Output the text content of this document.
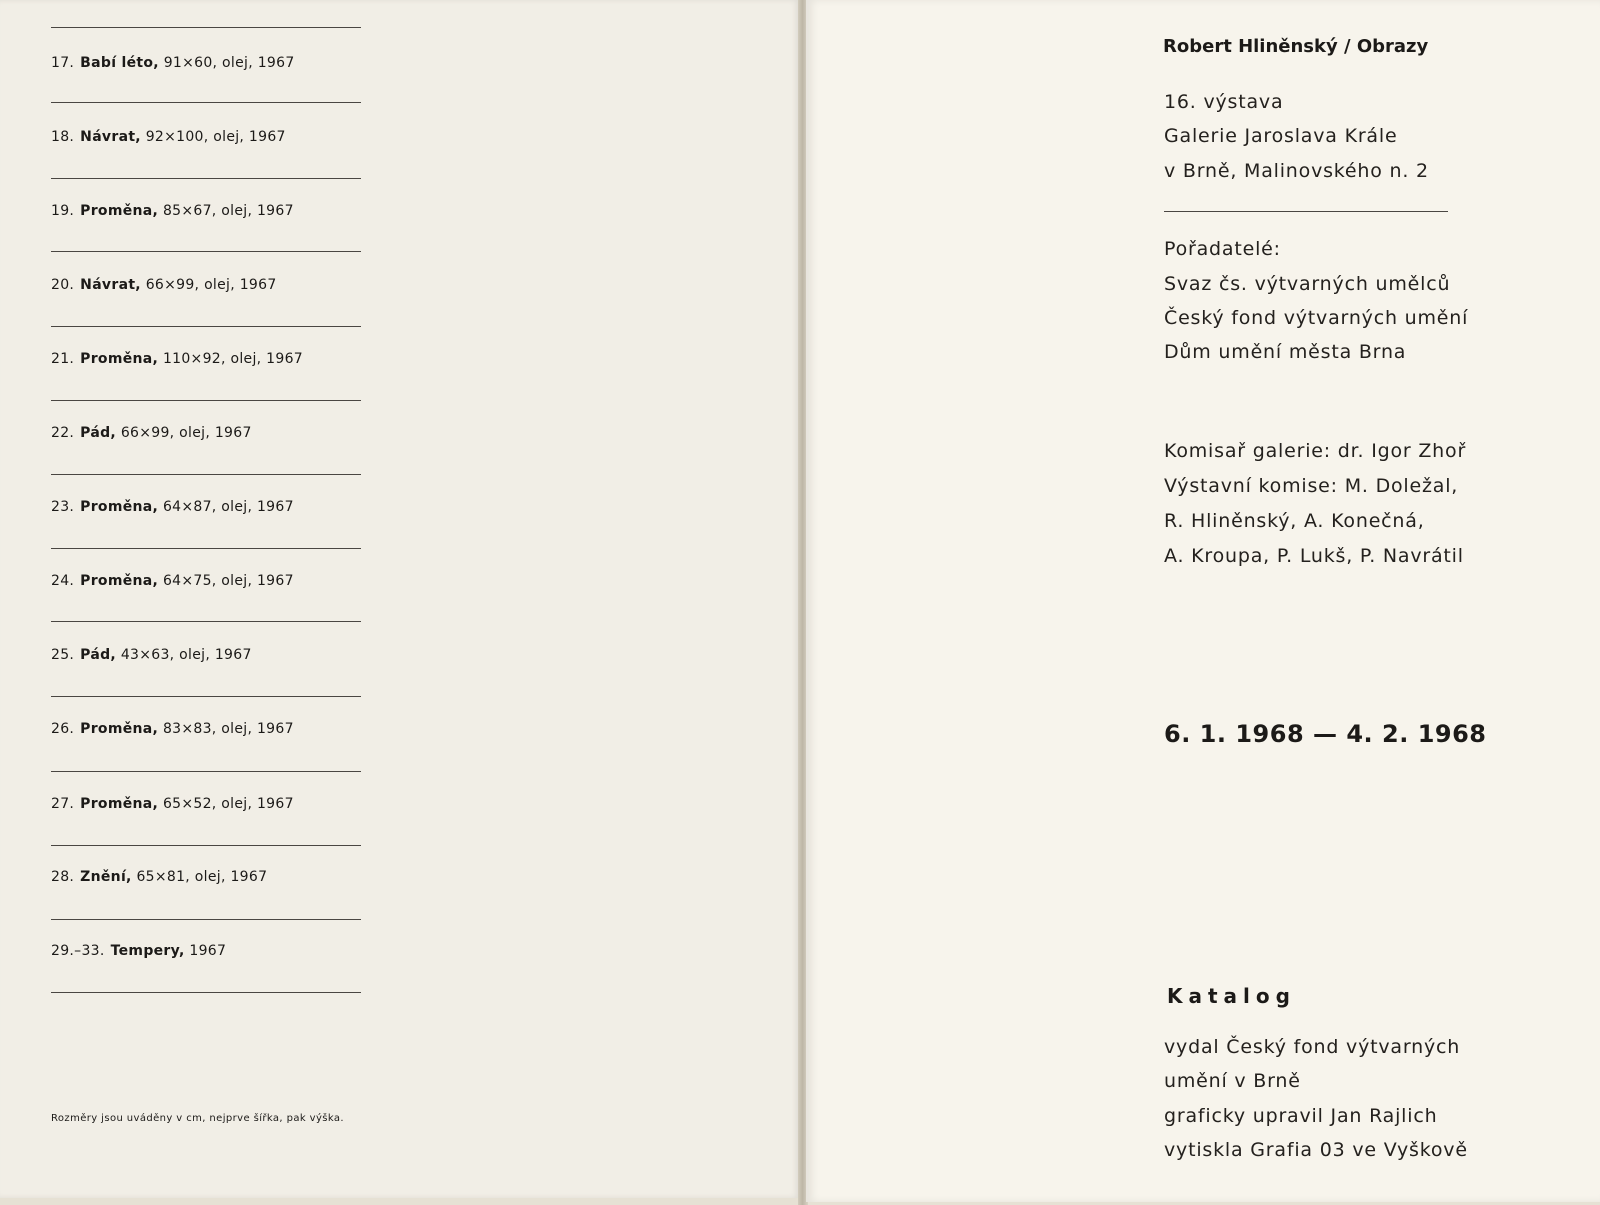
17. Babí léto, 91×60, olej, 1967
18. Návrat, 92×100, olej, 1967
19. Proměna, 85×67, olej, 1967
20. Návrat, 66×99, olej, 1967
21. Proměna, 110×92, olej, 1967
22. Pád, 66×99, olej, 1967
23. Proměna, 64×87, olej, 1967
24. Proměna, 64×75, olej, 1967
25. Pád, 43×63, olej, 1967
26. Proměna, 83×83, olej, 1967
27. Proměna, 65×52, olej, 1967
28. Znění, 65×81, olej, 1967
29.–33. Tempery, 1967
Rozměry jsou uváděny v cm, nejprve šířka, pak výška.
Robert Hliněnský / Obrazy
16. výstava
Galerie Jaroslava Krále
v Brně, Malinovského n. 2
Pořadatelé:
Svaz čs. výtvarných umělců
Český fond výtvarných umění
Dům umění města Brna
Komisař galerie: dr. Igor Zhoř
Výstavní komise: M. Doležal,
R. Hliněnský, A. Konečná,
A. Kroupa, P. Lukš, P. Navrátil
6. 1. 1968 — 4. 2. 1968
Katalog
vydal Český fond výtvarných
umění v Brně
graficky upravil Jan Rajlich
vytiskla Grafia 03 ve Vyškově
